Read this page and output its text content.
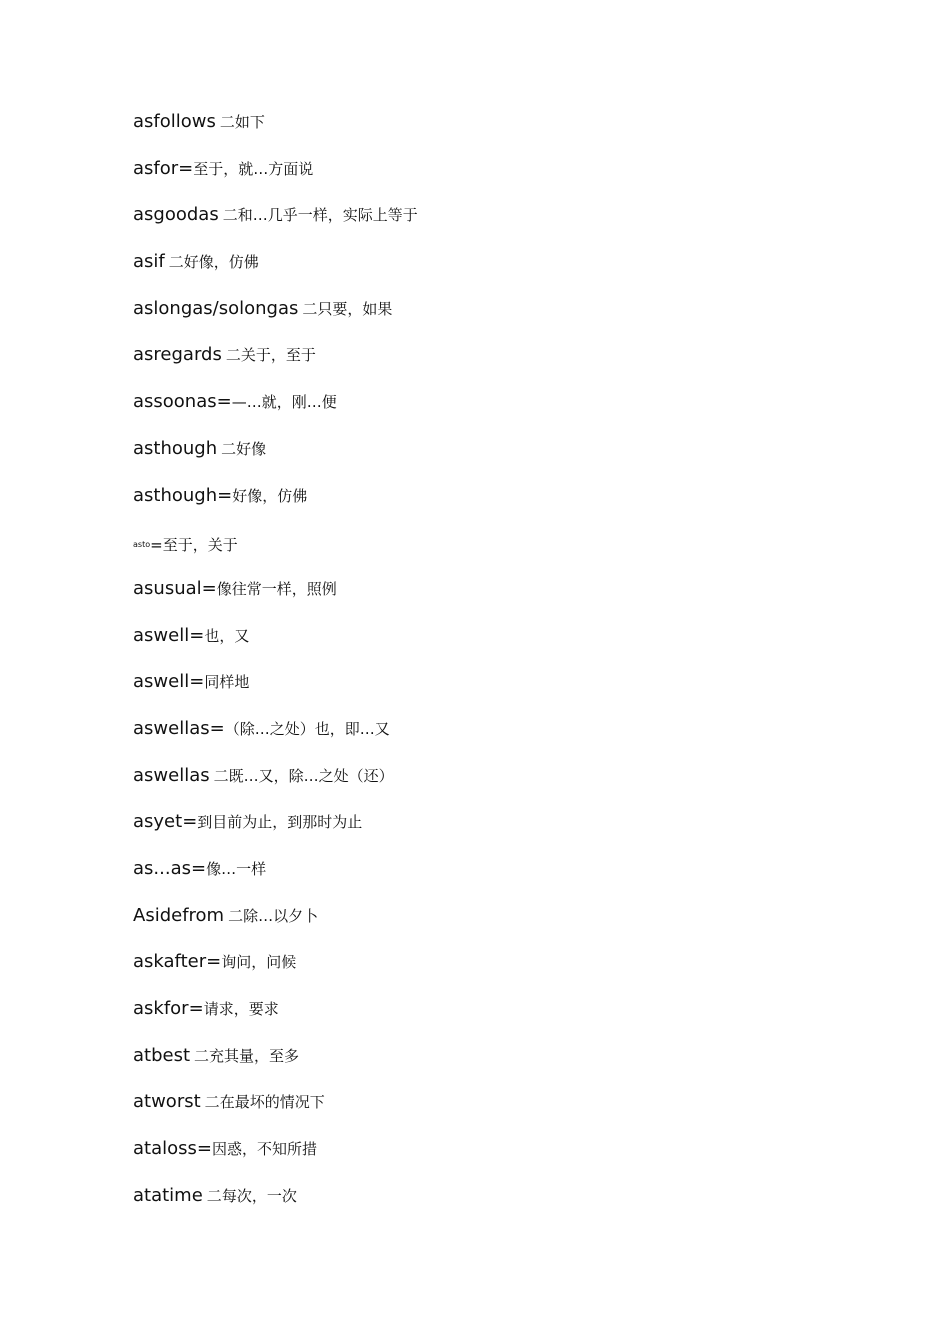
asfollows 二 如下
asfor = 至于，就…方面说
asgoodas 二 和…几乎一样，实际上等于
asif 二 好像，仿佛
aslongas/solongas 二 只要，如果
asregards 二 关于，至于
assoonas = —…就，刚…便
asthough 二 好像
asthough = 好像，仿佛
asto = 至于，关于
asusual = 像往常一样，照例
aswell = 也，又
aswell = 同样地
aswellas = （除…之处）也，即…又
aswellas 二 既…又，除…之处（还）
asyet = 到目前为止，到那时为止
as...as = 像…一样
Asidefrom 二 除…以夕卜
askafter = 询问，问候
askfor = 请求，要求
atbest 二 充其量，至多
atworst 二 在最坏的情况下
ataloss = 因惑，不知所措
atatime 二 每次，一次
